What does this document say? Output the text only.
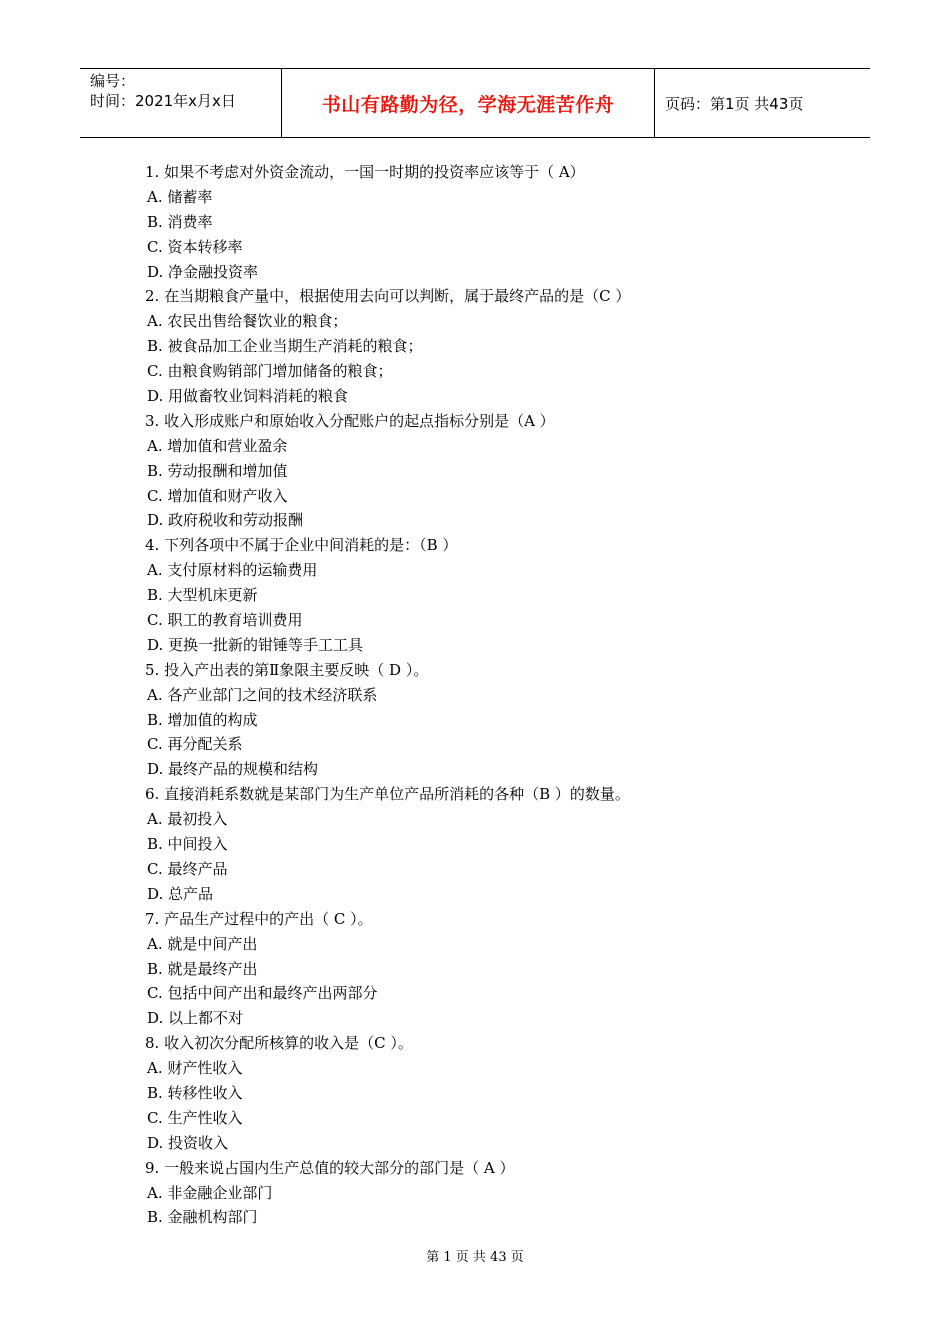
编号：
时间：2021年x月x日	书山有路勤为径，学海无涯苦作舟	页码：第1页 共43页
1. 如果不考虑对外资金流动，一国一时期的投资率应该等于（ A）
A. 储蓄率
B. 消费率
C. 资本转移率
D. 净金融投资率
2. 在当期粮食产量中，根据使用去向可以判断，属于最终产品的是（C ）
A. 农民出售给餐饮业的粮食；
B. 被食品加工企业当期生产消耗的粮食；
C. 由粮食购销部门增加储备的粮食；
D. 用做畜牧业饲料消耗的粮食
3. 收入形成账户和原始收入分配账户的起点指标分别是（A ）
A. 增加值和营业盈余
B. 劳动报酬和增加值
C. 增加值和财产收入
D. 政府税收和劳动报酬
4. 下列各项中不属于企业中间消耗的是：（B ）
A. 支付原材料的运输费用
B. 大型机床更新
C. 职工的教育培训费用
D. 更换一批新的钳锤等手工工具
5. 投入产出表的第Ⅱ象限主要反映（ D ）。
A. 各产业部门之间的技术经济联系
B. 增加值的构成
C. 再分配关系
D. 最终产品的规模和结构
6. 直接消耗系数就是某部门为生产单位产品所消耗的各种（B ）的数量。
A. 最初投入
B. 中间投入
C. 最终产品
D. 总产品
7. 产品生产过程中的产出（ C ）。
A. 就是中间产出
B. 就是最终产出
C. 包括中间产出和最终产出两部分
D. 以上都不对
8. 收入初次分配所核算的收入是（C ）。
A. 财产性收入
B. 转移性收入
C. 生产性收入
D. 投资收入
9. 一般来说占国内生产总值的较大部分的部门是（ A ）
A. 非金融企业部门
B. 金融机构部门
第 1 页 共 43 页
